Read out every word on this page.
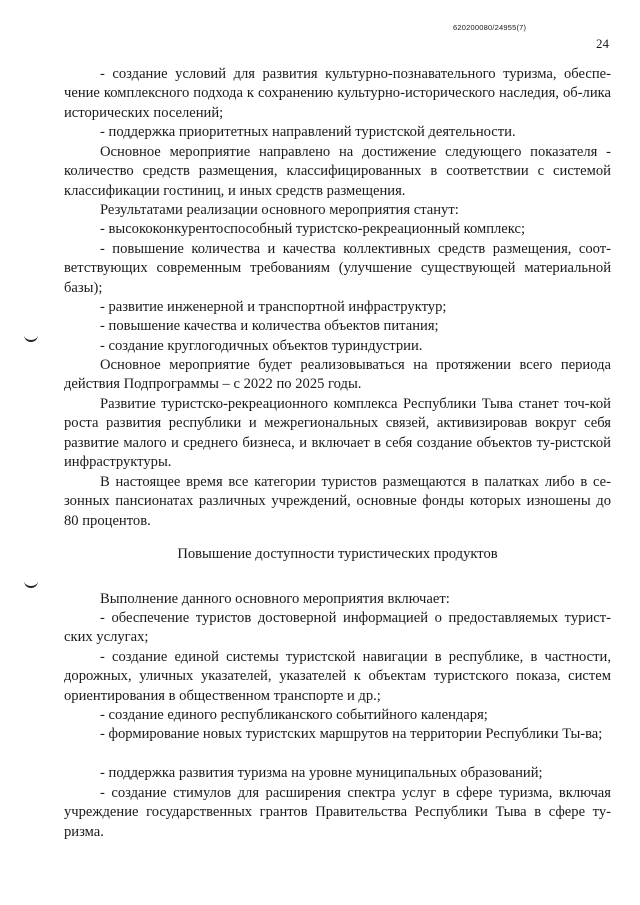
620200080/24955(7)
24
- создание условий для развития культурно-познавательного туризма, обеспе-чение комплексного подхода к сохранению культурно-исторического наследия, об-лика исторических поселений;
- поддержка приоритетных направлений туристской деятельности.
Основное мероприятие направлено на достижение следующего показателя - количество средств размещения, классифицированных в соответствии с системой классификации гостиниц, и иных средств размещения.
Результатами реализации основного мероприятия станут:
- высококонкурентоспособный туристско-рекреационный комплекс;
- повышение количества и качества коллективных средств размещения, соот-ветствующих современным требованиям (улучшение существующей материальной базы);
- развитие инженерной и транспортной инфраструктур;
- повышение качества и количества объектов питания;
- создание круглогодичных объектов туриндустрии.
Основное мероприятие будет реализовываться на протяжении всего периода действия Подпрограммы – с 2022 по 2025 годы.
Развитие туристско-рекреационного комплекса Республики Тыва станет точ-кой роста развития республики и межрегиональных связей, активизировав вокруг себя развитие малого и среднего бизнеса, и включает в себя создание объектов ту-ристской инфраструктуры.
В настоящее время все категории туристов размещаются в палатках либо в се-зонных пансионатах различных учреждений, основные фонды которых изношены до 80 процентов.
Повышение доступности туристических продуктов
Выполнение данного основного мероприятия включает:
- обеспечение туристов достоверной информацией о предоставляемых турист-ских услугах;
- создание единой системы туристской навигации в республике, в частности, дорожных, уличных указателей, указателей к объектам туристского показа, систем ориентирования в общественном транспорте и др.;
- создание единого республиканского событийного календаря;
- формирование новых туристских маршрутов на территории Республики Ты-ва;
- поддержка развития туризма на уровне муниципальных образований;
- создание стимулов для расширения спектра услуг в сфере туризма, включая учреждение государственных грантов Правительства Республики Тыва в сфере ту-ризма.
